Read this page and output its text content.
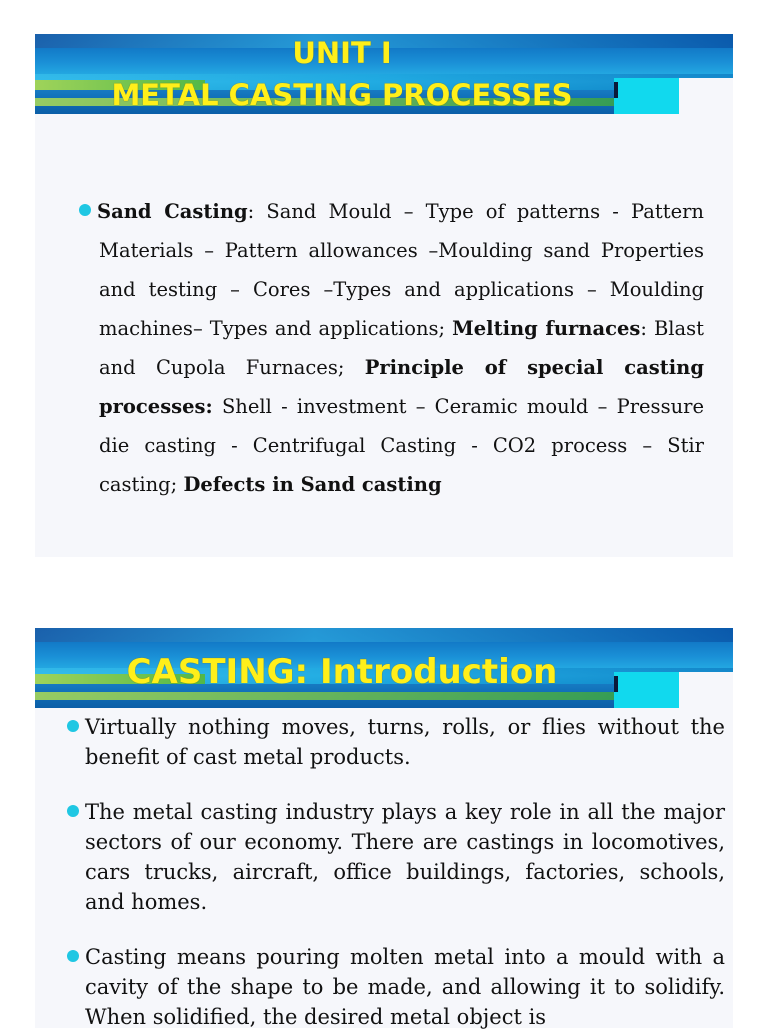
UNIT I
METAL CASTING PROCESSES
Sand Casting: Sand Mould – Type of patterns - Pattern Materials – Pattern allowances –Moulding sand Properties and testing – Cores –Types and applications – Moulding machines– Types and applications; Melting furnaces: Blast and Cupola Furnaces; Principle of special casting processes: Shell - investment – Ceramic mould – Pressure die casting - Centrifugal Casting - CO2 process – Stir casting; Defects in Sand casting
CASTING: Introduction

Virtually nothing moves, turns, rolls, or flies without the benefit of cast metal products.

The metal casting industry plays a key role in all the major sectors of our economy. There are castings in locomotives, cars trucks, aircraft, office buildings, factories, schools, and homes.

Casting means pouring molten metal into a mould with a cavity of the shape to be made, and allowing it to solidify. When solidified, the desired metal object is
